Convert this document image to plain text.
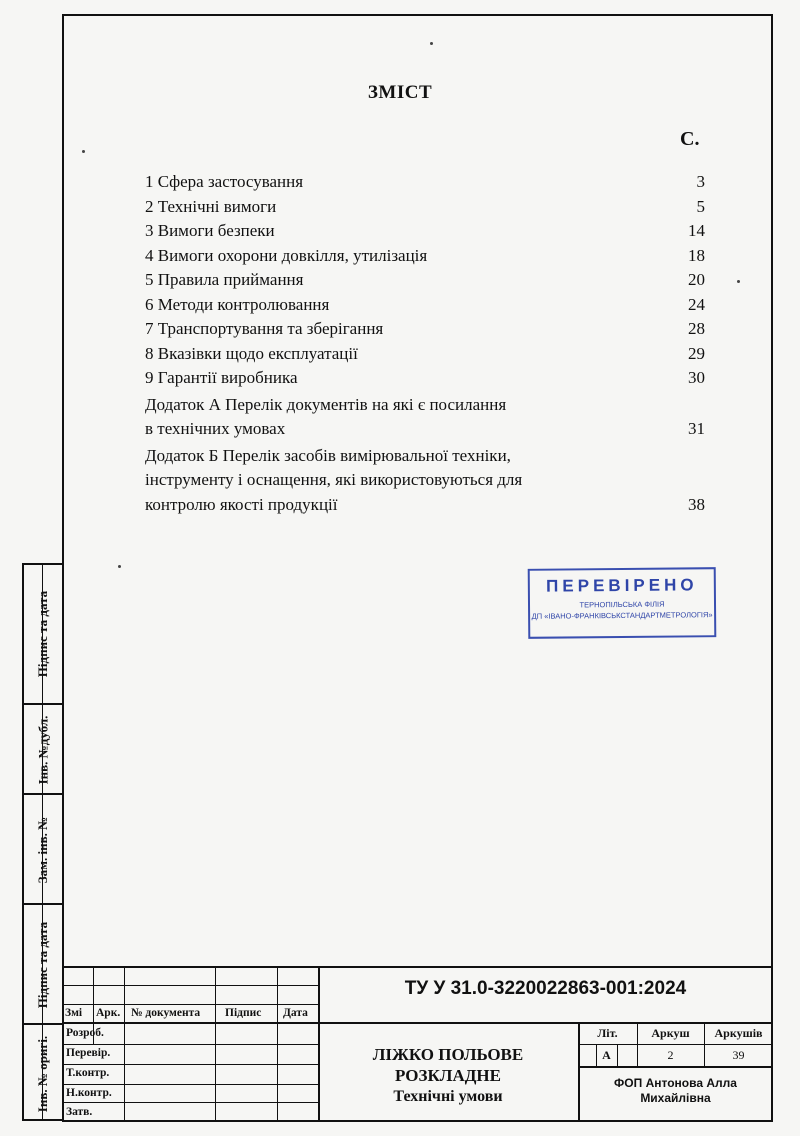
ЗМІСТ
С.
1 Сфера застосування	3
2 Технічні вимоги	5
3 Вимоги безпеки	14
4 Вимоги охорони довкілля, утилізація	18
5 Правила приймання	20
6 Методи контролювання	24
7 Транспортування та зберігання	28
8 Вказівки щодо експлуатації	29
9 Гарантії виробника	30
Додаток А Перелік документів на які є посилання
в технічних умовах	31
Додаток Б Перелік засобів вимірювальної техніки,
інструменту і оснащення, які використовуються для
контролю якості продукції	38
ПЕРЕВІРЕНО
ТЕРНОПІЛЬСЬКА ФІЛІЯ
ДП «ІВАНО-ФРАНКІВСЬКСТАНДАРТМЕТРОЛОГІЯ»
Підпис та дата
Інв. №дубл.
Зам. інв. №
Підпис та дата
Інв. № оригі.
ТУ У 31.0-3220022863-001:2024
Змі Арк. № документа Підпис Дата
Розроб.
Перевір.
Т.контр.
Н.контр.
Затв.
ЛІЖКО ПОЛЬОВЕ
РОЗКЛАДНЕ
Технічні умови
Літ.	Аркуш	Аркушів
А	2	39
ФОП Антонова Алла
Михайлівна
